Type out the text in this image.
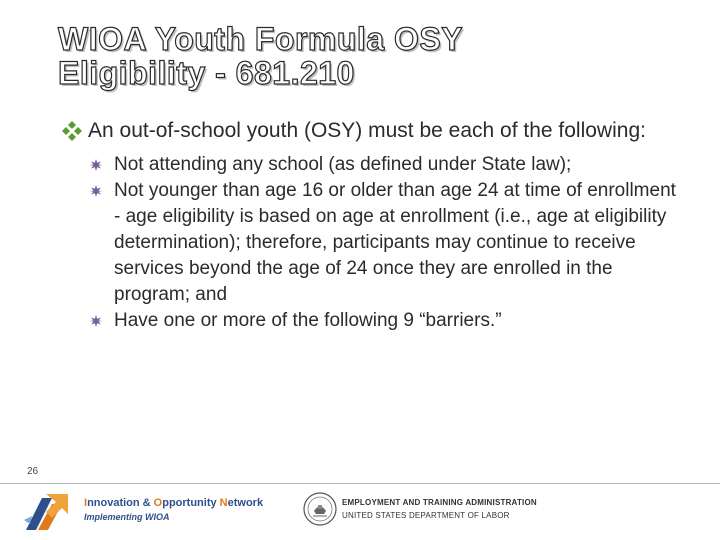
WIOA Youth Formula OSY
Eligibility - 681.210
An out-of-school youth (OSY) must be each of the following:
Not attending any school (as defined under State law);
Not younger than age 16 or older than age 24 at time of enrollment - age eligibility is based on age at enrollment (i.e., age at eligibility determination); therefore, participants may continue to receive services beyond the age of 24 once they are enrolled in the program; and
Have one or more of the following 9 “barriers.”
26
Innovation & Opportunity Network
Implementing WIOA
EMPLOYMENT AND TRAINING ADMINISTRATION
UNITED STATES DEPARTMENT OF LABOR
